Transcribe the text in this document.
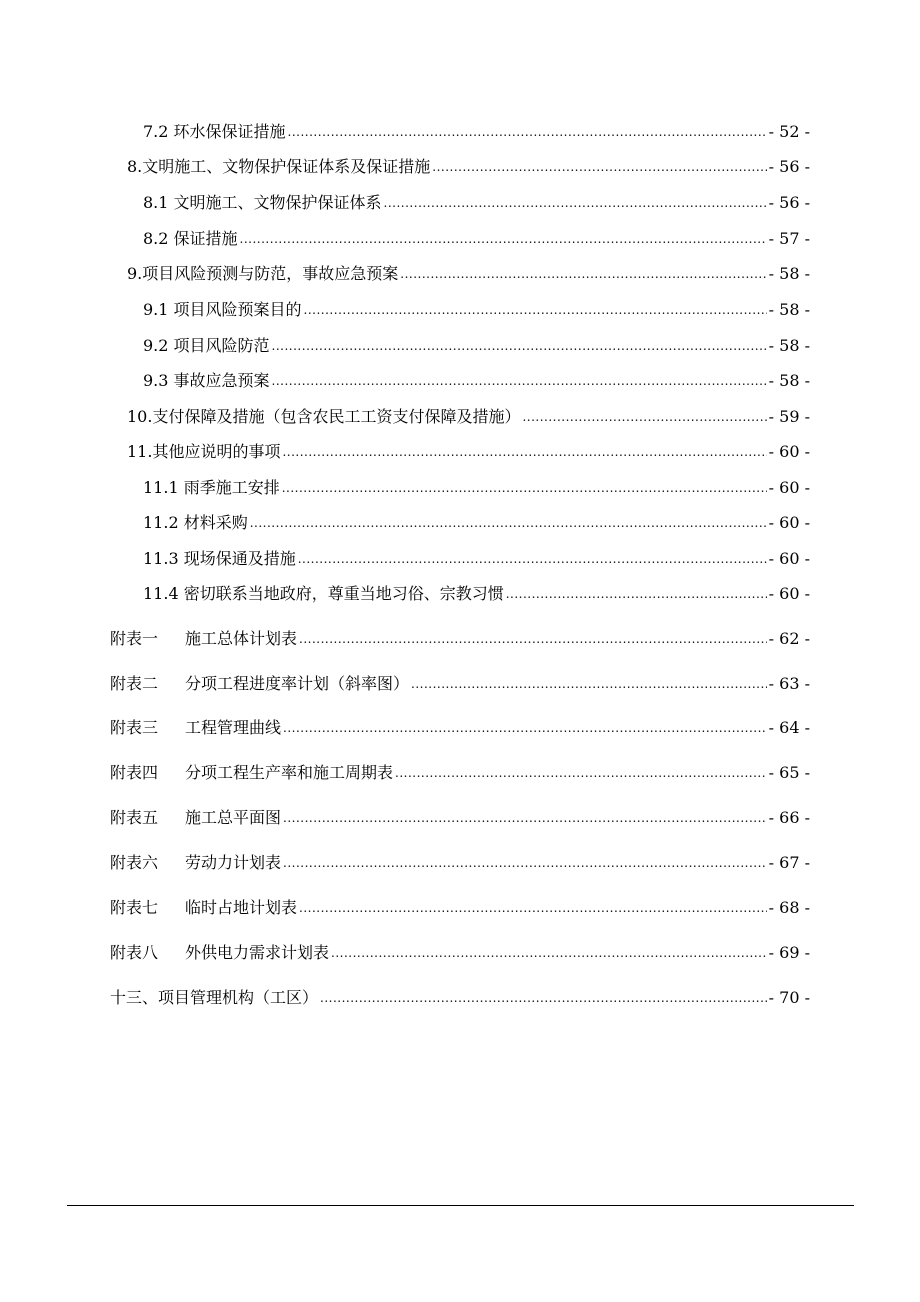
7.2 环水保保证措施 .....	- 52 -
8.文明施工、文物保护保证体系及保证措施 .....	- 56 -
8.1 文明施工、文物保护保证体系 .....	- 56 -
8.2 保证措施 .....	- 57 -
9.项目风险预测与防范，事故应急预案 .....	- 58 -
9.1 项目风险预案目的 .....	- 58 -
9.2 项目风险防范 .....	- 58 -
9.3 事故应急预案 .....	- 58 -
10.支付保障及措施（包含农民工工资支付保障及措施） .....	- 59 -
11.其他应说明的事项 .....	- 60 -
11.1 雨季施工安排 .....	- 60 -
11.2 材料采购 .....	- 60 -
11.3 现场保通及措施 .....	- 60 -
11.4 密切联系当地政府，尊重当地习俗、宗教习惯 .....	- 60 -
附表一 施工总体计划表 .....	- 62 -
附表二 分项工程进度率计划（斜率图） .....	- 63 -
附表三 工程管理曲线 .....	- 64 -
附表四 分项工程生产率和施工周期表 .....	- 65 -
附表五 施工总平面图 .....	- 66 -
附表六 劳动力计划表 .....	- 67 -
附表七 临时占地计划表 .....	- 68 -
附表八 外供电力需求计划表 .....	- 69 -
十三、项目管理机构（工区） .....	- 70 -
